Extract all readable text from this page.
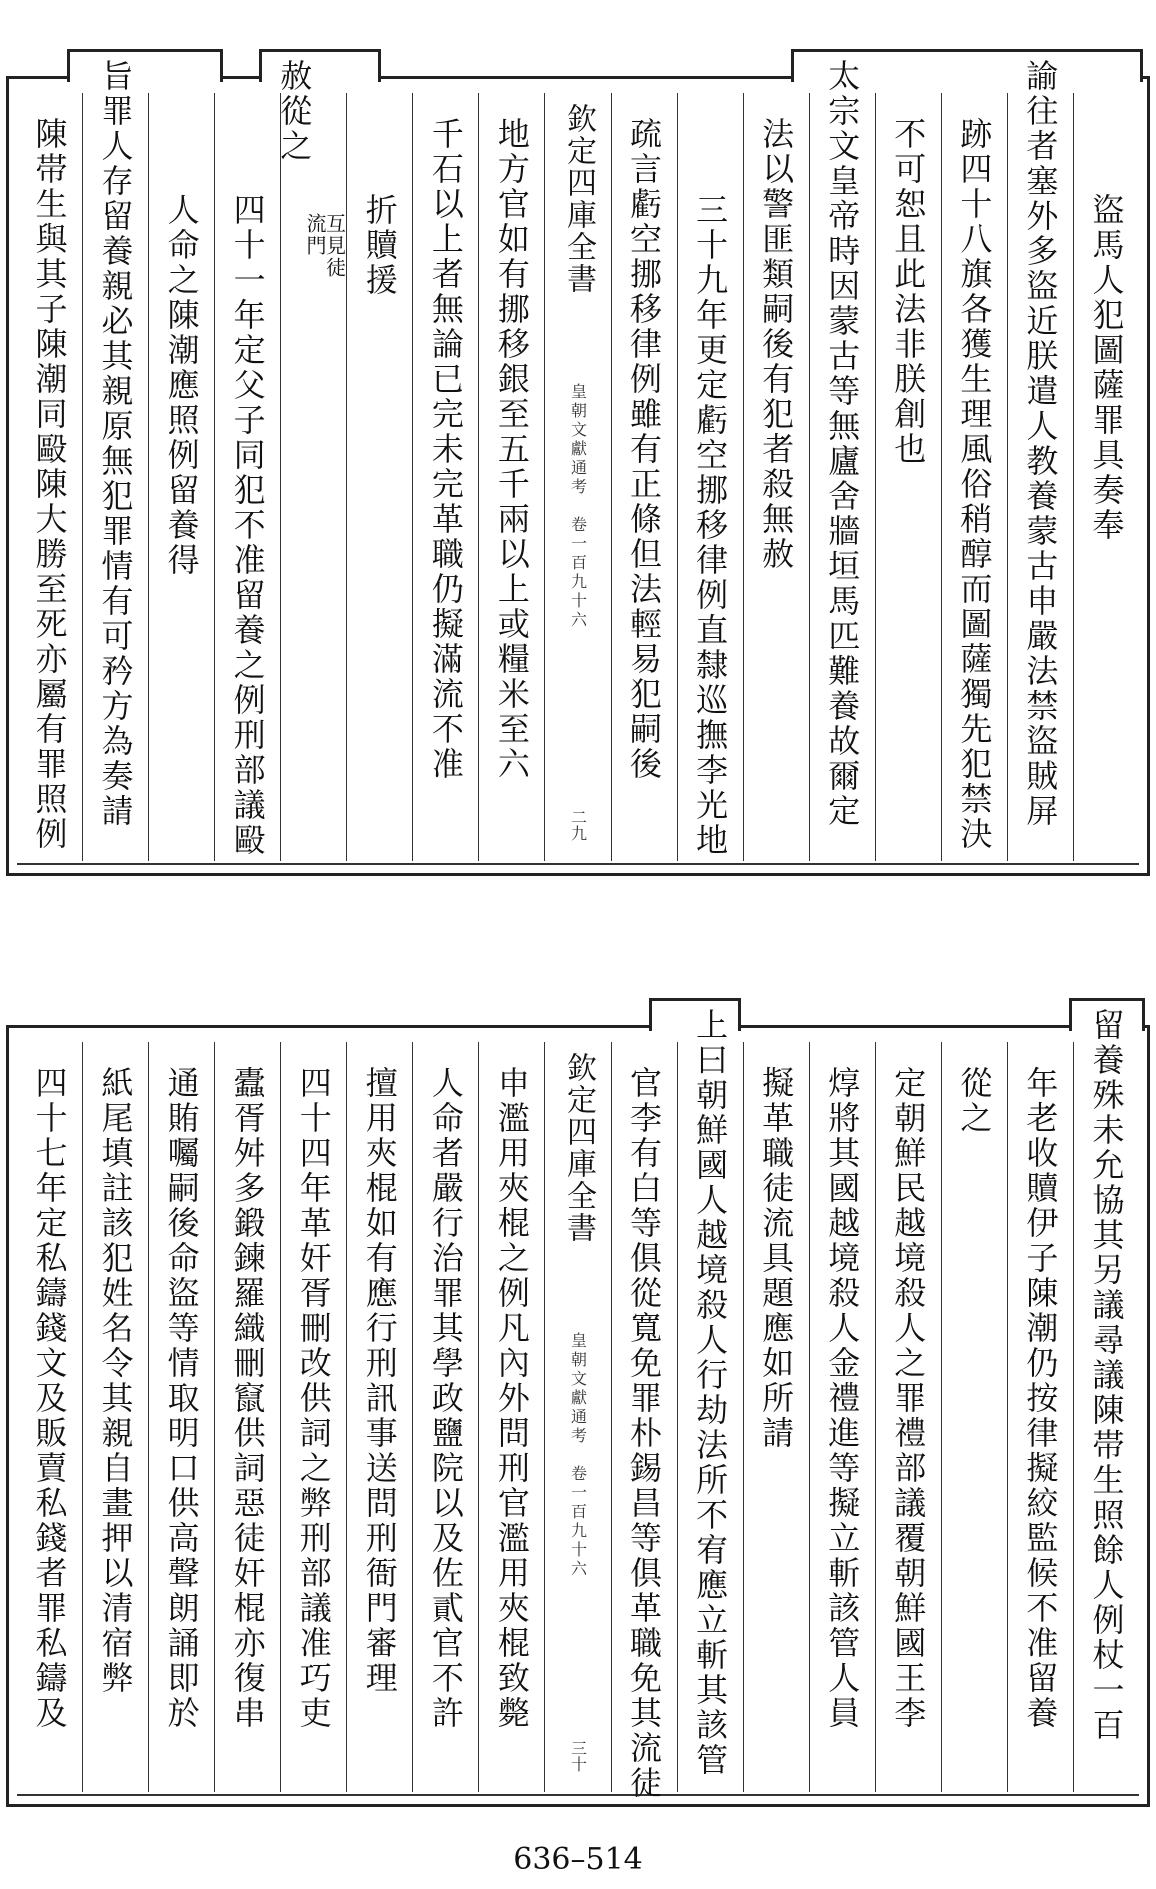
盜馬人犯圖薩罪具奏奉
諭往者塞外多盜近朕遣人教養蒙古申嚴法禁盜賊屏
跡四十八旗各獲生理風俗稍醇而圖薩獨先犯禁決
不可恕且此法非朕創也
太宗文皇帝時因蒙古等無廬舍牆垣馬匹難養故爾定
法以警匪類嗣後有犯者殺無赦
三十九年更定虧空挪移律例直隸巡撫李光地
疏言虧空挪移律例雖有正條但法輕易犯嗣後
欽定四庫全書
皇朝文獻通考　卷一百九十六
二九
地方官如有挪移銀至五千兩以上或糧米至六
千石以上者無論已完未完革職仍擬滿流不准
折贖援
赦從之
互見徒
流門
四十一年定父子同犯不准留養之例刑部議毆
人命之陳潮應照例留養得
旨罪人存留養親必其親原無犯罪情有可矜方為奏請
陳帯生與其子陳潮同毆陳大勝至死亦屬有罪照例
留養殊未允協其另議尋議陳帯生照餘人例杖一百
年老收贖伊子陳潮仍按律擬絞監候不准留養
從之
定朝鮮民越境殺人之罪禮部議覆朝鮮國王李
焞將其國越境殺人金禮進等擬立斬該管人員
擬革職徒流具題應如所請
上曰朝鮮國人越境殺人行劫法所不宥應立斬其該管
官李有白等俱從寬免罪朴錫昌等俱革職免其流徒
欽定四庫全書
皇朝文獻通考　卷一百九十六
三十
申濫用夾棍之例凡內外問刑官濫用夾棍致斃
人命者嚴行治罪其學政鹽院以及佐貳官不許
擅用夾棍如有應行刑訊事送問刑衙門審理
四十四年革奸胥刪改供詞之弊刑部議准巧吏
蠹胥舛多鍛鍊羅織刪竄供詞惡徒奸棍亦復串
通賄囑嗣後命盜等情取明口供高聲朗誦即於
紙尾填註該犯姓名令其親自畫押以清宿弊
四十七年定私鑄錢文及販賣私錢者罪私鑄及
636–514
